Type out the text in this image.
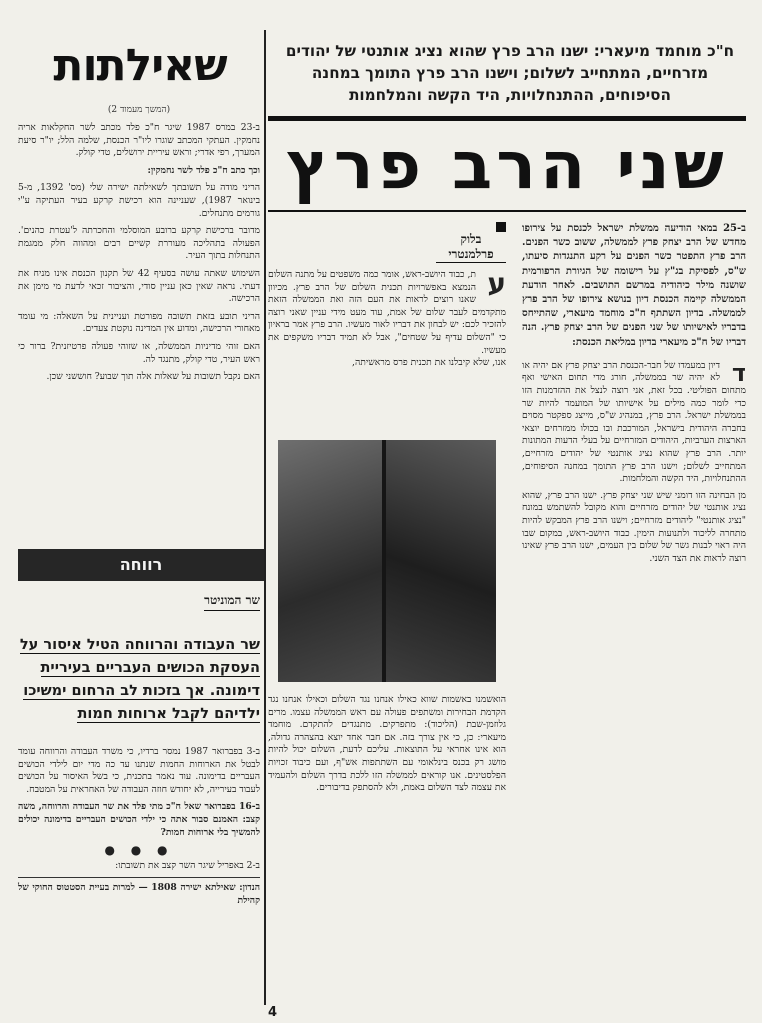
שאילתות
(המשך מעמוד 2)

ב-23 במרס 1987 שיגר ח"כ פלד מכתב לשר החקלאות אריה נחמקין. העתקי המכתב שוגרו ליו"ר הכנסת, שלמה הלל; יו"ר סיעת המערך, רפי אדרי; וראש עיריית ירושלים, טדי קולק.

וכך כתב ח"כ פלד לשר נחמקין:

הריני מודה על תשובתך לשאילתה ישירה שלי (מס' 1392, מ-5 בינואר 1987), שעניינה הוא רכישת קרקע בעיר העתיקה ע"י גורמים מתנחלים.

מדובר ברכישת קרקע ברובע המוסלמי והחכרתה ל'עטרת כהנים'. הפעולה בתהליכה מעוררת קשיים רבים ומהווה חלק ממגמת התנחלות בתוך העיר.

השימוש שאתה עושה בסעיף 42 של תקנון הכנסת אינו מניח את דעתי. נראה שאין כאן עניין סודי, והציבור זכאי לדעת מי מימן את הרכישה.

הריני תובע בזאת תשובה מפורטת ועניינית על השאלה: מי עומד מאחורי הרכישה, ומדוע אין המדינה נוקטת צעדים.

האם זוהי מדיניות הממשלה, או שזוהי פעולה פרטיזנית? ברור כי ראש העיר, טדי קולק, מתנגד לה.

האם נקבל תשובות על שאלות אלה תוך שבוע? חוששני שכן.

רווחה
שר המוניטר
שר העבודה והרווחה הטיל איסור על העסקת הכושים העבריים בעיריית דימונה. אך בזכות לב הרחום ימשיכו ילדיהם לקבל ארוחות חמות

ב-3 בפברואר 1987 נמסר ברדיו, כי משרד העבודה והרווחה עומד לבטל את הארוחות החמות שנתנו עד כה מדי יום לילדי הכושים העבריים בדימונה. עוד נאמר בתכנית, כי בשל האיסור על הכושים לעבוד בעירייה, לא יחודש חוזה העבודה של האחראית על המטבח.

ב-16 בפברואר שאל ח"כ מתי פלד את שר העבודה והרווחה, משה קצב: האמנם סבור אתה כי ילדי הכושים העבריים בדימונה יכולים להמשיך בלי ארוחות חמות?

● ● ●

ב-2 באפריל שיגר השר קצב את תשובתו:

הנדון: שאילתא ישירה 1808 — למרות בעיית הסטטוס החוקי של קהילת

ח"כ מוחמד מיעארי: ישנו הרב פרץ שהוא נציג אותנטי של יהודים מזרחיים, המתחייב לשלום; וישנו הרב פרץ התומך במחנה הסיפוחים, ההתנחלויות, היד הקשה והמלחמות
שני הרב פרץ
ב-25 במאי הודיעה ממשלת ישראל לכנסת על צירופו מחדש של הרב יצחק פרץ לממשלה, ששוב כשר הפנים. הרב פרץ התפטר כשר הפנים על רקע התנגדות סיעתו, ש"ס, לפסיקת בג"ץ על רישומה של הגיורת הרפורמית שושנה מילר כיהודיה במרשם התושבים. לאחר הודעת הממשלה קיימה הכנסת דיון בנושא צירופו של הרב פרץ לממשלה. בדיון השתתף ח"כ מוחמד מיעארי, שהתייחס בדבריו לאישיותו של שני הפנים של הרב יצחק פרץ. הנה דבריו של ח"כ מיעארי בדיון במליאת הכנסת:

ד
דיון במעמדו של חבר-הכנסת הרב יצחק פרץ אם יהיה או לא יהיה שר בממשלה, חורג מדי תחום האישי ואף מתחום הפוליטי. בכל זאת, אני רוצה לנצל את ההזדמנות הזו כדי לומר כמה מילים על אישיותו של המועמד להיות שר בממשלת ישראל. הרב פרץ, במנהיג ש"ס, מייצג ספקטר מסוים בחברה היהודית בישראל, המורכבת ובו בכולו ממזרחים יוצאי הארצות הערביות, היהודים המזרחיים על בעלי הדעות המתונות יותר. הרב פרץ שהוא נציג אותנטי של יהודים מזרחיים, המתחייב לשלום; וישנו הרב פרץ התומך במחנה הסיפוחים, ההתנחלויות, היד הקשה והמלחמות.

מן הבחינה הזו דומני שיש שני יצחק פרץ. ישנו הרב פרץ, שהוא נציג אותנטי של יהודים מזרחיים והוא מקובל להשתמש במונח "נציג אותנטי" ליהודים מזרחיים; וישנו הרב פרץ המבקש להיות מתחרה לליכוד ולתנועות הימין. כבוד היושב-ראש, במקום שבו היה ראוי לבנות גשר של שלום בין העמים, ישנו הרב פרץ שאינו רוצה לראות את הצד השני.

בלוק
פרלמנטרי

ע
ת, כבוד היושב-ראש, אומר כמה משפטים על מתנה השלום הנמצא באפשרויות תכנית השלום של הרב פרץ. מכיוון שאנו רוצים לראות את העם הזה ואת הממשלה הזאת מתקדמים לעבר שלום של אמת, עוד מעט מידי עניין שאני רוצה להזכיר לכם: יש לבחון את דבריו לאור מעשיו. הרב פרץ אמר בראיון כי "השלום עדיף על שטחים", אבל לא תמיד דבריו משקפים את מעשיו.

אנו, שלא קיבלנו את תכנית פרס מראשיתה,

הואשמנו באשמות שווא כאילו אנחנו נגד השלום וכאילו אנחנו נגד הקדמת הבחירות ומשתפים פעולה עם ראש הממשלה עצמו. מרים גלוזמן-שבת (הליכוד): מתפרקים. מתנגדים להתקדם. מוחמד מיעארי: כן, כי אין צורך בזה. אם חבר אחד יוצא בהצהרה גדולה, הוא אינו אחראי על התוצאות. עליכם לדעת, השלום יכול להיות מושג רק בכנס בינלאומי עם השתתפות אש"ף, ועם כיבוד זכויות הפלסטינים. אנו קוראים לממשלה הזו ללכת בדרך השלום ולהעמיד את עצמה לצד השלום באמת, ולא להסתפק בדיבורים.

4
